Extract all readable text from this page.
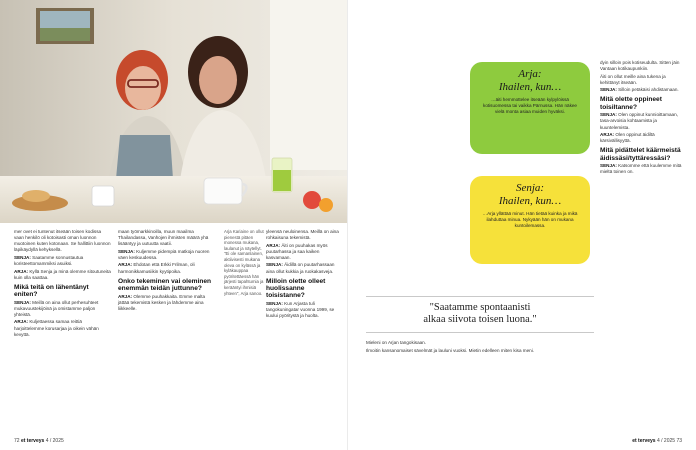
mer ovet ei tuntenut itseään toisen kodissa vaan henkilö oli kotoisasti oman luonnon muotoinen kuten kotonaan. Se hallittiin luonnon läpikäydyllä kehyksellä.

SENJA: Saatamme sonnustautua koristeettomammiksi asuiksi.

ARJA: Kyllä Senja ja minä olemme sitoutuneita kuin olla saattaa.

Mikä teitä on lähentänyt eniten?

SENJA: Meillä on aina ollut perhesuhteet mukavuustekijöinä ja omistamme paljon yhteistä.

ARJA: Kuljettaessa samaa reittiä harjoittelemme korusarjaa ja oikein vähän kevyttä.

maan työmarkkinoilla, muun maailma Thailandassa, Vanhojen ihmisten määrä yhä lisääntyy ja uutuutta vaatii.

SENJA: Kuljemme pidempiä matkoja nuoren väen keskuudessa.

ARJA: Ehdotan että Erkki Frilman, oli harmonikkamusiikin kyytipoika.

Onko tekeminen vai oleminen enemmän teidän juttunne?

ARJA: Olemme puuhakkaita. Emme malta jättää tekemistä kesken ja lähdemme aina liikkeelle.

Arja Kariaine on ollut pienestä pitäen monessa mukana, laulanut ja näytellyt. "Ei ole samanlainen, aktiivisesti mukana oleva on kylässä ja kyläkauppaa pyöritettäessä hän järjesti tapahtumia ja kerääntyi ihmisiä yhteen", Arja sanoo.

yleensä neuloinensa. Meillä on aina rohkaisuna tekemistä.

ARJA: Äiti on puuhakas myös puutarhassa ja saa kaiken kasvamaan.

SENJA: Äidillä on puutarhassaan aina ollut kukkia ja ruokakasveja.

Milloin olette olleet huolissanne toisistanne?

SENJA: Kun Arjasta tuli tangokuningatar vuonna 1999, se kuului pyöritystä ja huolta.

72 et terveys 4 / 2025
Arja:
Ihailen, kun…

…äiti hemmottelee itseään kylpylöissä kotisuomessa tai vaikka Pärnussa. Hän näkee vielä monta asiaa muiden hyväksi.

Senja:
Ihailen, kun…

…Arja yllättää minut. Hän tietää kuinka ja mikä ilahduttaa minua. Nykyään hän on mukana kuntoilemassa.

"Saatamme spontaanisti
alkaa siivota toisen luona."

Mieleni on Arjan tangokisaan.

Ilmoitin kansanomaiset sävelmät ja lauluni vuoksi. Mietin edelleen miten kisa meni.

dyin silloin pois kotiseudulta. Sitten jäin Vantaan kotikaupunkiin.

Äiti on ollut meille aina tukena ja kehittänyt itseään.

SENJA: Silloin petäkäisi ahdistamaan.

Mitä olette oppineet toisiltanne?

SENJA: Olen oppinut kunnioittamaan, tasa-arvoisia kohtaamista ja kuuntelemista.

ARJA: Olen oppinut äidiltä kärsivällisyyttä.

Mitä pidättelet käärmeistä äidissäsi/tyttäressäsi?

SENJA: Katsomme että kuulemme mitä mieltä toinen on.

et terveys 4 / 2025 73
